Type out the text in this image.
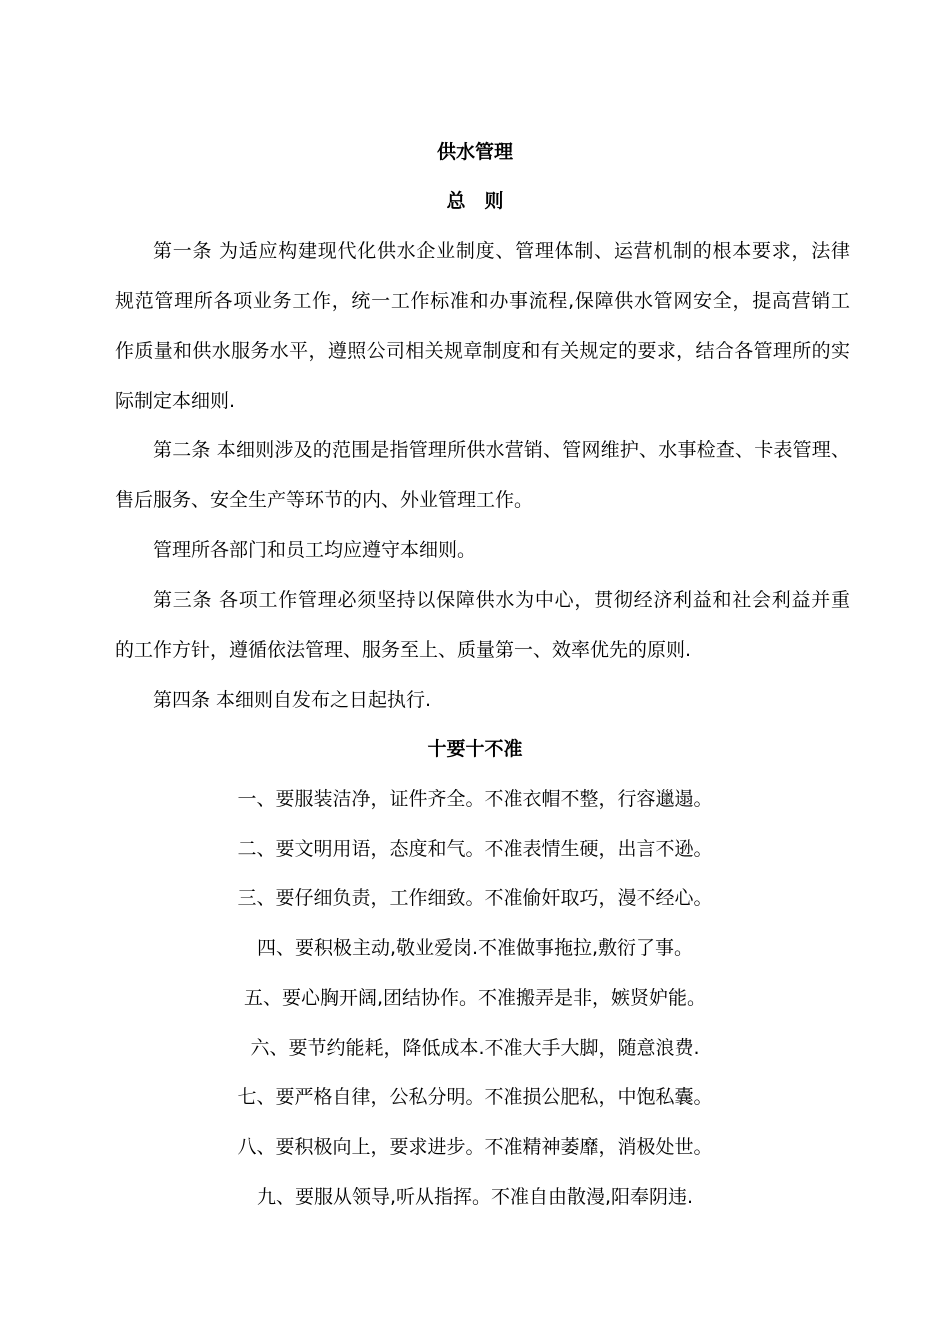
供水管理
总　则
第一条 为适应构建现代化供水企业制度、管理体制、运营机制的根本要求，法律
规范管理所各项业务工作，统一工作标准和办事流程,保障供水管网安全，提高营销工
作质量和供水服务水平，遵照公司相关规章制度和有关规定的要求，结合各管理所的实
际制定本细则.
第二条 本细则涉及的范围是指管理所供水营销、管网维护、水事检查、卡表管理、
售后服务、安全生产等环节的内、外业管理工作。
管理所各部门和员工均应遵守本细则。
第三条 各项工作管理必须坚持以保障供水为中心，贯彻经济利益和社会利益并重
的工作方针，遵循依法管理、服务至上、质量第一、效率优先的原则.
第四条 本细则自发布之日起执行.
十要十不准
一、要服装洁净，证件齐全。不准衣帽不整，行容邋遢。
二、要文明用语，态度和气。不准表情生硬，出言不逊。
三、要仔细负责，工作细致。不准偷奸取巧，漫不经心。
四、要积极主动,敬业爱岗.不准做事拖拉,敷衍了事。
五、要心胸开阔,团结协作。不准搬弄是非，嫉贤妒能。
六、要节约能耗，降低成本.不准大手大脚，随意浪费.
七、要严格自律，公私分明。不准损公肥私，中饱私囊。
八、要积极向上，要求进步。不准精神萎靡，消极处世。
九、要服从领导,听从指挥。不准自由散漫,阳奉阴违.
